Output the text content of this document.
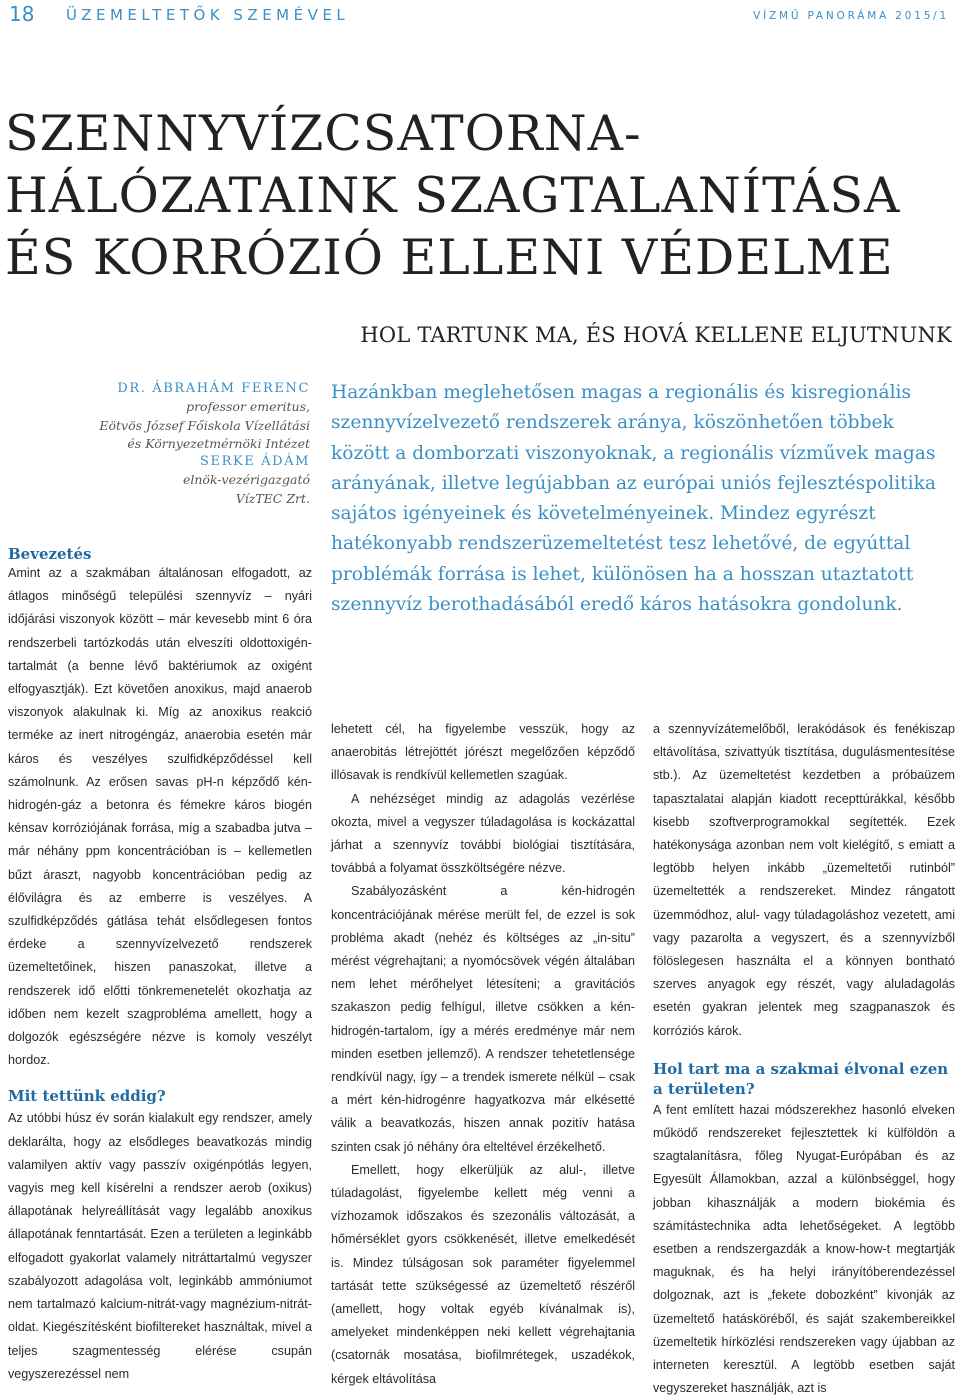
18 ÜZEMELTETŐK SZEMÉVEL	VÍZMŰ PANORÁMA 2015/1
SZENNYVÍZCSATORNA-
HÁLÓZATAINK SZAGTALANÍTÁSA
ÉS KORRÓZIÓ ELLENI VÉDELME
HOL TARTUNK MA, ÉS HOVÁ KELLENE ELJUTNUNK
DR. ÁBRAHÁM FERENC
professor emeritus,
Eötvös József Főiskola Vízellátási
és Környezetmérnöki Intézet
SERKE ÁDÁM
elnök-vezérigazgató
VízTEC Zrt.

Hazánkban meglehetősen magas a regionális és kisregionális szennyvízelvezető rendszerek aránya, köszönhetően többek között a domborzati viszonyoknak, a regionális vízművek magas arányának, illetve legújabban az európai uniós fejlesztéspolitika sajátos igényeinek és követelményeinek. Mindez egyrészt hatékonyabb rendszerüzemeltetést tesz lehetővé, de egyúttal problémák forrása is lehet, különösen ha a hosszan utaztatott szennyvíz berothadásából eredő káros hatásokra gondolunk.

Bevezetés

Amint az a szakmában általánosan elfogadott, az átlagos minőségű települési szennyvíz – nyári időjárási viszonyok között – már kevesebb mint 6 óra rendszerbeli tartózkodás után elveszíti oldottoxigén-tartalmát (a benne lévő baktériumok az oxigént elfogyasztják). Ezt követően anoxikus, majd anaerob viszonyok alakulnak ki. Míg az anoxikus reakció terméke az inert nitrogéngáz, anaerobia esetén már káros és veszélyes szulfidképződéssel kell számolnunk. Az erősen savas pH-n képződő kén-hidrogén-gáz a betonra és fémekre káros biogén kénsav korróziójának forrása, míg a szabadba jutva – már néhány ppm koncentrációban is – kellemetlen bűzt áraszt, nagyobb koncentrációban pedig az élővilágra és az emberre is veszélyes. A szulfidképződés gátlása tehát elsődlegesen fontos érdeke a szennyvízelvezető rendszerek üzemeltetőinek, hiszen panaszokat, illetve a rendszerek idő előtti tönkremenetelét okozhatja az időben nem kezelt szagprobléma amellett, hogy a dolgozók egészségére nézve is komoly veszélyt hordoz.

Mit tettünk eddig?

Az utóbbi húsz év során kialakult egy rendszer, amely deklarálta, hogy az elsődleges beavatkozás mindig valamilyen aktív vagy passzív oxigénpótlás legyen, vagyis meg kell kísérelni a rendszer aerob (oxikus) állapotának helyreállítását vagy legalább anoxikus állapotának fenntartását. Ezen a területen a leginkább elfogadott gyakorlat valamely nitráttartalmú vegyszer szabályozott adagolása volt, leginkább ammóniumot nem tartalmazó kalcium-nitrát-vagy magnézium-nitrát-oldat. Kiegészítésként biofiltereket használtak, mivel a teljes szagmentesség elérése csupán vegyszerezéssel nem

lehetett cél, ha figyelembe vesszük, hogy az anaerobitás létrejöttét jórészt megelőzően képződő illósavak is rendkívül kellemetlen szagúak.

A nehézséget mindig az adagolás vezérlése okozta, mivel a vegyszer túladagolása is kockázattal járhat a szennyvíz további biológiai tisztítására, továbbá a folyamat összköltségére nézve.

Szabályozásként a kén-hidrogén koncentrációjának mérése merült fel, de ezzel is sok probléma akadt (nehéz és költséges az „in-situ” mérést végrehajtani; a nyomócsövek végén általában nem lehet mérőhelyet létesíteni; a gravitációs szakaszon pedig felhígul, illetve csökken a kén-hidrogén-tartalom, így a mérés eredménye már nem minden esetben jellemző). A rendszer tehetetlensége rendkívül nagy, így – a trendek ismerete nélkül – csak a mért kén-hidrogénre hagyatkozva már elkésetté válik a beavatkozás, hiszen annak pozitív hatása szinten csak jó néhány óra elteltével érzékelhető.

Emellett, hogy elkerüljük az alul-, illetve túladagolást, figyelembe kellett még venni a vízhozamok időszakos és szezonális változását, a hőmérséklet gyors csökkenését, illetve emelkedését is. Mindez túlságosan sok paraméter figyelemmel tartását tette szükségessé az üzemeltető részéről (amellett, hogy voltak egyéb kívánalmak is), amelyeket mindenképpen neki kellett végrehajtania (csatornák mosatása, biofilmrétegek, uszadékok, kérgek eltávolítása

a szennyvízátemelőből, lerakódások és fenékiszap eltávolítása, szivattyúk tisztítása, dugulásmentesítése stb.). Az üzemeltetést kezdetben a próbaüzem tapasztalatai alapján kiadott recepttúrákkal, később kisebb szoftverprogramokkal segítették. Ezek hatékonysága azonban nem volt kielégítő, s emiatt a legtöbb helyen inkább „üzemeltetői rutinból” üzemeltették a rendszereket. Mindez rángatott üzemmódhoz, alul- vagy túladagoláshoz vezetett, ami vagy pazarolta a vegyszert, és a szennyvízből fölöslegesen használta el a könnyen bontható szerves anyagok egy részét, vagy aluladagolás esetén gyakran jelentek meg szagpanaszok és korróziós károk.

Hol tart ma a szakmai élvonal ezen a területen?

A fent említett hazai módszerekhez hasonló elveken működő rendszereket fejlesztettek ki külföldön a szagtalanításra, főleg Nyugat-Európában és az Egyesült Államokban, azzal a különbséggel, hogy jobban kihasználják a modern biokémia és számítástechnika adta lehetőségeket. A legtöbb esetben a rendszergazdák a know-how-t megtartják maguknak, és ha helyi irányítóberendezéssel dolgoznak, azt is „fekete dobozként” kivonják az üzemeltető hatásköréből, és saját szakembereikkel üzemeltetik hírközlési rendszereken vagy újabban az interneten keresztül. A legtöbb esetben saját vegyszereket használják, azt is
